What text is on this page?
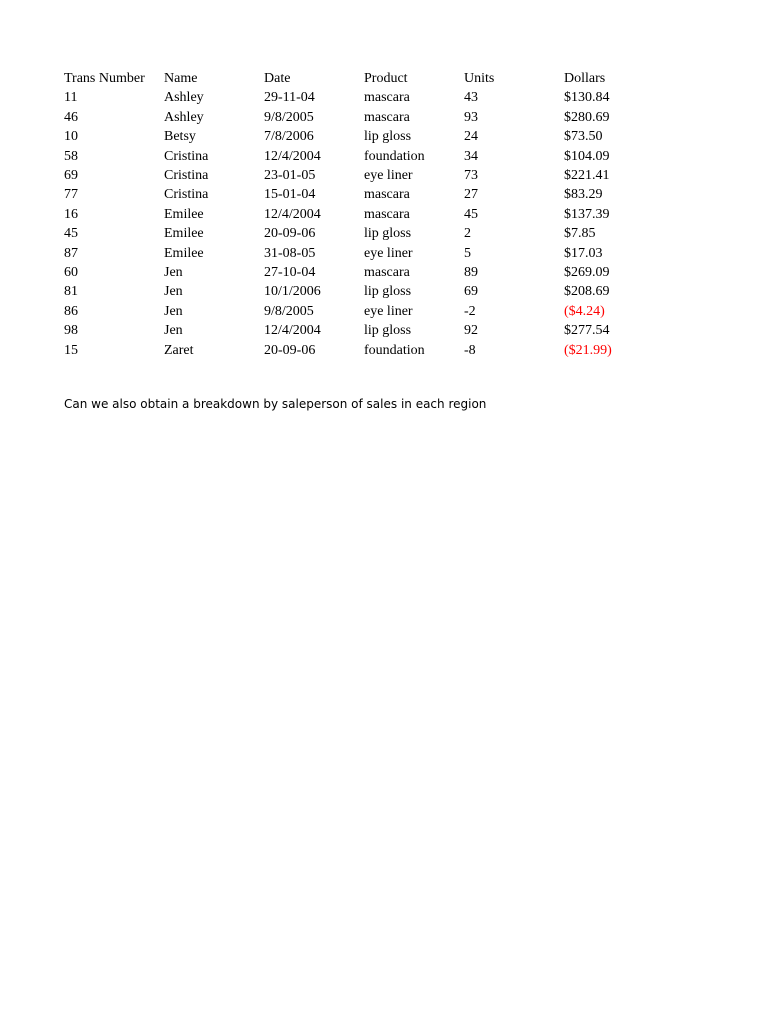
Trans Number	Name	Date	Product	Units	Dollars
11	Ashley	29-11-04	mascara	43	$130.84
46	Ashley	9/8/2005	mascara	93	$280.69
10	Betsy	7/8/2006	lip gloss	24	$73.50
58	Cristina	12/4/2004	foundation	34	$104.09
69	Cristina	23-01-05	eye liner	73	$221.41
77	Cristina	15-01-04	mascara	27	$83.29
16	Emilee	12/4/2004	mascara	45	$137.39
45	Emilee	20-09-06	lip gloss	2	$7.85
87	Emilee	31-08-05	eye liner	5	$17.03
60	Jen	27-10-04	mascara	89	$269.09
81	Jen	10/1/2006	lip gloss	69	$208.69
86	Jen	9/8/2005	eye liner	-2	($4.24)
98	Jen	12/4/2004	lip gloss	92	$277.54
15	Zaret	20-09-06	foundation	-8	($21.99)
Can we also obtain a breakdown by saleperson of sales in each region
